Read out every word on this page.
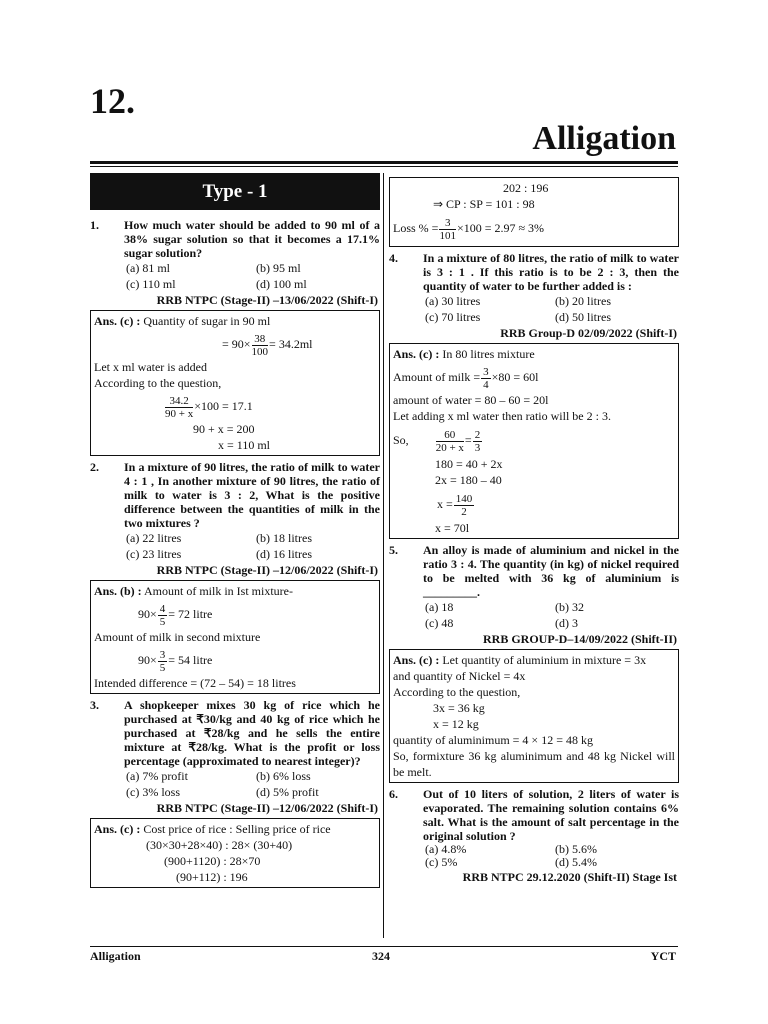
12.
Alligation
Type - 1
1.	How much water should be added to 90 ml of a 38% sugar solution so that it becomes a 17.1% sugar solution?
(a) 81 ml	(b) 95 ml
(c) 110 ml	(d) 100 ml
RRB NTPC (Stage-II) –13/06/2022 (Shift-I)
Ans. (c) : Quantity of sugar in 90 ml
= $90\times \frac{38}{100} = 34.2ml$
Let x ml water is added
According to the question,
$\frac{34.2}{90 + x} \times 100 = 17.1$
90 + x = 200
x = 110 ml
2.	In a mixture of 90 litres, the ratio of milk to water 4 : 1 , In another mixture of 90 litres, the ratio of milk to water is 3 : 2, What is the positive difference between the quantities of milk in the two mixtures ?
(a) 22 litres	(b) 18 litres
(c) 23 litres	(d) 16 litres
RRB NTPC (Stage-II) –12/06/2022 (Shift-I)
Ans. (b) : Amount of milk in Ist mixture-
$90\times \frac{4}{5} = 72$ litre
Amount of milk in second mixture
$90\times \frac{3}{5} = 54$ litre
Intended difference = (72 – 54) = 18 litres
3.	A shopkeeper mixes 30 kg of rice which he purchased at ₹30/kg and 40 kg of rice which he purchased at ₹28/kg and he sells the entire mixture at ₹28/kg. What is the profit or loss percentage (approximated to nearest integer)?
(a) 7% profit	(b) 6% loss
(c) 3% loss	(d) 5% profit
RRB NTPC (Stage-II) –12/06/2022 (Shift-I)
Ans. (c) : Cost price of rice : Selling price of rice
(30×30+28×40) : 28× (30+40)
(900+1120) : 28×70
(90+112) : 196
202 : 196
⇒ CP : SP = 101 : 98
Loss % = $\frac{3}{101} \times 100 = 2.97 \approx 3\%$
4.	In a mixture of 80 litres, the ratio of milk to water is 3 : 1 . If this ratio is to be 2 : 3, then the quantity of water to be further added is :
(a) 30 litres	(b) 20 litres
(c) 70 litres	(d) 50 litres
RRB Group-D 02/09/2022 (Shift-I)
Ans. (c) : In 80 litres mixture
Amount of milk = $\frac{3}{4} \times 80 = 60l$
amount of water = 80 – 60 = 20l
Let adding x ml water then ratio will be 2 : 3.
So, $\frac{60}{20 + x} = \frac{2}{3}$
180 = 40 + 2x
2x = 180 – 40
$x = \frac{140}{2}$
x = 70l
5.	An alloy is made of aluminium and nickel in the ratio 3 : 4. The quantity (in kg) of nickel required to be melted with 36 kg of aluminium is _________.
(a) 18	(b) 32
(c) 48	(d) 3
RRB GROUP-D–14/09/2022 (Shift-II)
Ans. (c) : Let quantity of aluminium in mixture = 3x
and quantity of Nickel = 4x
According to the question,
3x = 36 kg
x = 12 kg
quantity of aluminimum = 4 × 12 = 48 kg
So, formixture 36 kg aluminimum and 48 kg Nickel will be melt.
6.	Out of 10 liters of solution, 2 liters of water is evaporated. The remaining solution contains 6% salt. What is the amount of salt percentage in the original solution ?
(a) 4.8%	(b) 5.6%
(c) 5%	(d) 5.4%
RRB NTPC 29.12.2020 (Shift-II) Stage Ist
Alligation	324	YCT
